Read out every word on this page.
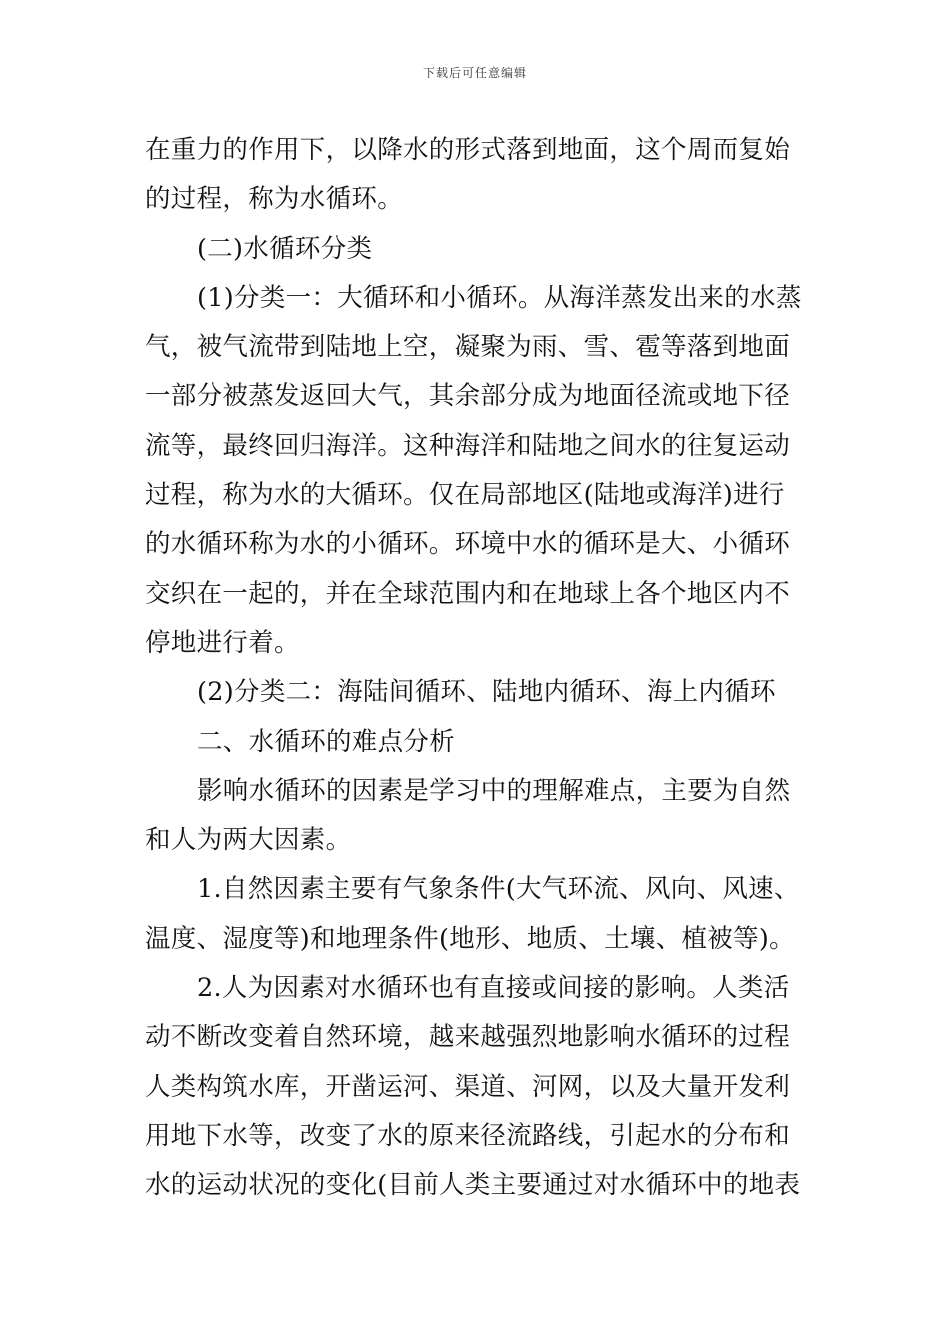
下载后可任意编辑
在重力的作用下，以降水的形式落到地面，这个周而复始
的过程，称为水循环。
(二)水循环分类
(1)分类一：大循环和小循环。从海洋蒸发出来的水蒸
气，被气流带到陆地上空，凝聚为雨、雪、雹等落到地面
一部分被蒸发返回大气，其余部分成为地面径流或地下径
流等，最终回归海洋。这种海洋和陆地之间水的往复运动
过程，称为水的大循环。仅在局部地区(陆地或海洋)进行
的水循环称为水的小循环。环境中水的循环是大、小循环
交织在一起的，并在全球范围内和在地球上各个地区内不
停地进行着。
(2)分类二：海陆间循环、陆地内循环、海上内循环
二、水循环的难点分析
影响水循环的因素是学习中的理解难点，主要为自然
和人为两大因素。
1.自然因素主要有气象条件(大气环流、风向、风速、
温度、湿度等)和地理条件(地形、地质、土壤、植被等)。
2.人为因素对水循环也有直接或间接的影响。人类活
动不断改变着自然环境，越来越强烈地影响水循环的过程
人类构筑水库，开凿运河、渠道、河网，以及大量开发利
用地下水等，改变了水的原来径流路线，引起水的分布和
水的运动状况的变化(目前人类主要通过对水循环中的地表
